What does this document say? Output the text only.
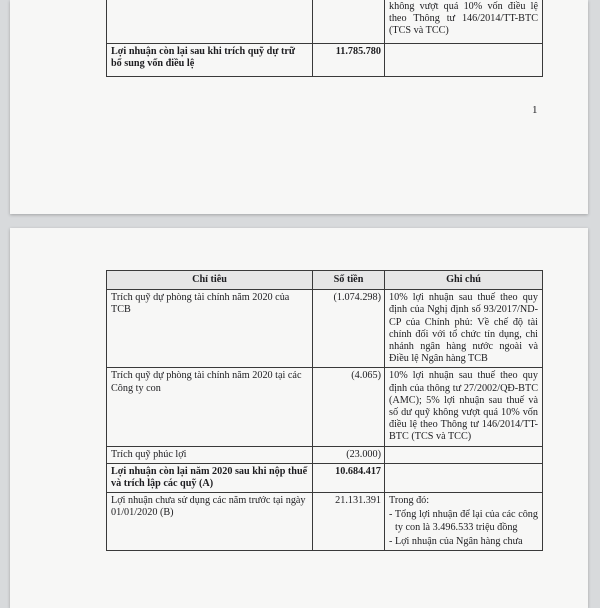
		không vượt quá 10% vốn điều lệ theo Thông tư 146/2014/TT-BTC (TCS và TCC)
Lợi nhuận còn lại sau khi trích quỹ dự trữ bổ sung vốn điều lệ	11.785.780	
1
Chỉ tiêu	Số tiền	Ghi chú
Trích quỹ dự phòng tài chính năm 2020 của TCB	(1.074.298)	10% lợi nhuận sau thuế theo quy định của Nghị định số 93/2017/ND-CP của Chính phủ: Về chế độ tài chính đối với tổ chức tín dụng, chi nhánh ngân hàng nước ngoài và Điều lệ Ngân hàng TCB
Trích quỹ dự phòng tài chính năm 2020 tại các Công ty con	(4.065)	10% lợi nhuận sau thuế theo quy định của thông tư 27/2002/QĐ-BTC (AMC); 5% lợi nhuận sau thuế và số dư quỹ không vượt quá 10% vốn điều lệ theo Thông tư 146/2014/TT-BTC (TCS và TCC)
Trích quỹ phúc lợi	(23.000)	
Lợi nhuận còn lại năm 2020 sau khi nộp thuế và trích lập các quỹ (A)	10.684.417	
Lợi nhuận chưa sử dụng các năm trước tại ngày 01/01/2020 (B)	21.131.391	Trong đó:
- Tổng lợi nhuận để lại của các công ty con là 3.496.533 triệu đồng
- Lợi nhuận của Ngân hàng chưa
